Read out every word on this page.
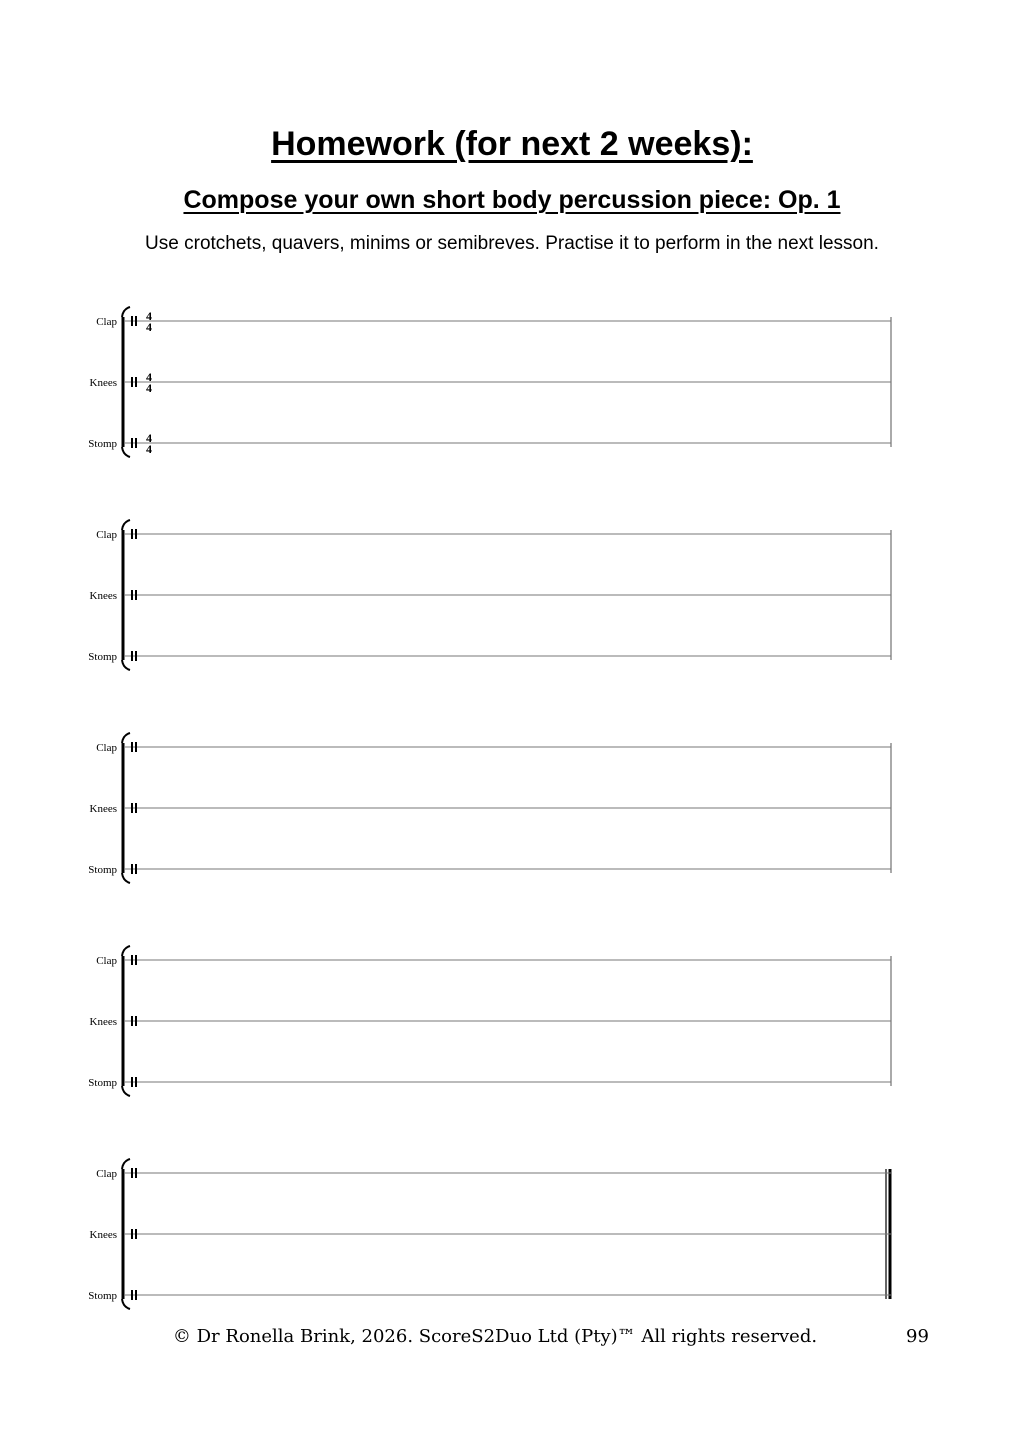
Homework (for next 2 weeks):
Compose your own short body percussion piece: Op. 1

Use crotchets, quavers, minims or semibreves. Practise it to perform in the next lesson.

Clap 4
4
Knees 4
4
Stomp 4
4
Clap
Knees
Stomp
Clap
Knees
Stomp
Clap
Knees
Stomp
Clap
Knees
Stomp
© Dr Ronella Brink, 2026. ScoreS2Duo Ltd (Pty)™ All rights reserved.	99
